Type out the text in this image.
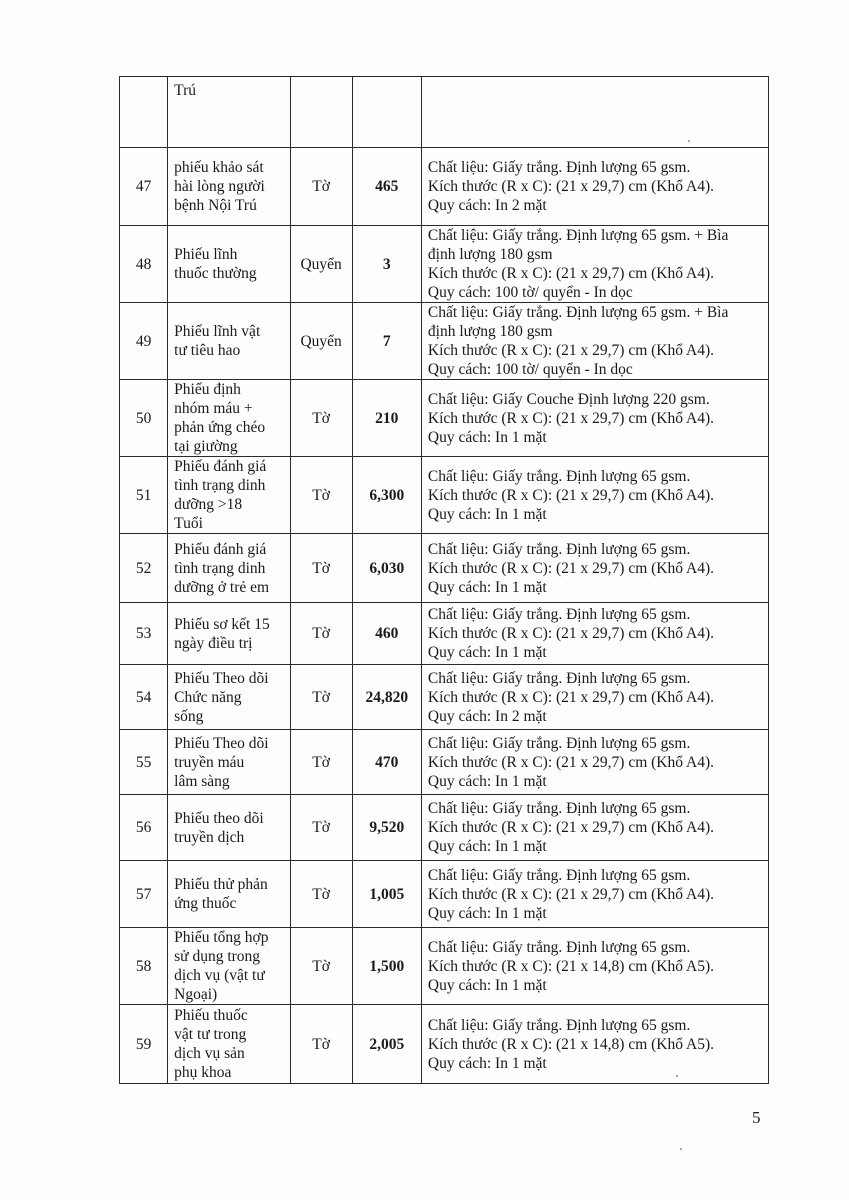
	Trú			

47	phiếu khảo sát
hài lòng người
bệnh Nội Trú	Tờ	465	Chất liệu: Giấy trắng. Định lượng 65 gsm.
Kích thước (R x C): (21 x 29,7) cm (Khổ A4).
Quy cách: In 2 mặt

48	Phiếu lĩnh
thuốc thường	Quyển	3	Chất liệu: Giấy trắng. Định lượng 65 gsm. + Bìa
định lượng 180 gsm
Kích thước (R x C): (21 x 29,7) cm (Khổ A4).
Quy cách: 100 tờ/ quyển - In dọc

49	Phiếu lĩnh vật
tư tiêu hao	Quyển	7	Chất liệu: Giấy trắng. Định lượng 65 gsm. + Bìa
định lượng 180 gsm
Kích thước (R x C): (21 x 29,7) cm (Khổ A4).
Quy cách: 100 tờ/ quyển - In dọc

50	Phiếu định
nhóm máu +
phản ứng chéo
tại giường	Tờ	210	Chất liệu: Giấy Couche Định lượng 220 gsm.
Kích thước (R x C): (21 x 29,7) cm (Khổ A4).
Quy cách: In 1 mặt

51	Phiếu đánh giá
tình trạng dinh
dưỡng >18
Tuổi	Tờ	6,300	Chất liệu: Giấy trắng. Định lượng 65 gsm.
Kích thước (R x C): (21 x 29,7) cm (Khổ A4).
Quy cách: In 1 mặt

52	Phiếu đánh giá
tình trạng dinh
dưỡng ở trẻ em	Tờ	6,030	Chất liệu: Giấy trắng. Định lượng 65 gsm.
Kích thước (R x C): (21 x 29,7) cm (Khổ A4).
Quy cách: In 1 mặt

53	Phiếu sơ kết 15
ngày điều trị	Tờ	460	Chất liệu: Giấy trắng. Định lượng 65 gsm.
Kích thước (R x C): (21 x 29,7) cm (Khổ A4).
Quy cách: In 1 mặt

54	Phiếu Theo dõi
Chức năng
sống	Tờ	24,820	Chất liệu: Giấy trắng. Định lượng 65 gsm.
Kích thước (R x C): (21 x 29,7) cm (Khổ A4).
Quy cách: In 2 mặt

55	Phiếu Theo dõi
truyền máu
lâm sàng	Tờ	470	Chất liệu: Giấy trắng. Định lượng 65 gsm.
Kích thước (R x C): (21 x 29,7) cm (Khổ A4).
Quy cách: In 1 mặt

56	Phiếu theo dõi
truyền dịch	Tờ	9,520	Chất liệu: Giấy trắng. Định lượng 65 gsm.
Kích thước (R x C): (21 x 29,7) cm (Khổ A4).
Quy cách: In 1 mặt

57	Phiếu thử phản
ứng thuốc	Tờ	1,005	Chất liệu: Giấy trắng. Định lượng 65 gsm.
Kích thước (R x C): (21 x 29,7) cm (Khổ A4).
Quy cách: In 1 mặt

58	Phiếu tổng hợp
sử dụng trong
dịch vụ (vật tư
Ngoại)	Tờ	1,500	Chất liệu: Giấy trắng. Định lượng 65 gsm.
Kích thước (R x C): (21 x 14,8) cm (Khổ A5).
Quy cách: In 1 mặt

59	Phiếu thuốc
vật tư trong
dịch vụ sản
phụ khoa	Tờ	2,005	Chất liệu: Giấy trắng. Định lượng 65 gsm.
Kích thước (R x C): (21 x 14,8) cm (Khổ A5).
Quy cách: In 1 mặt
5
